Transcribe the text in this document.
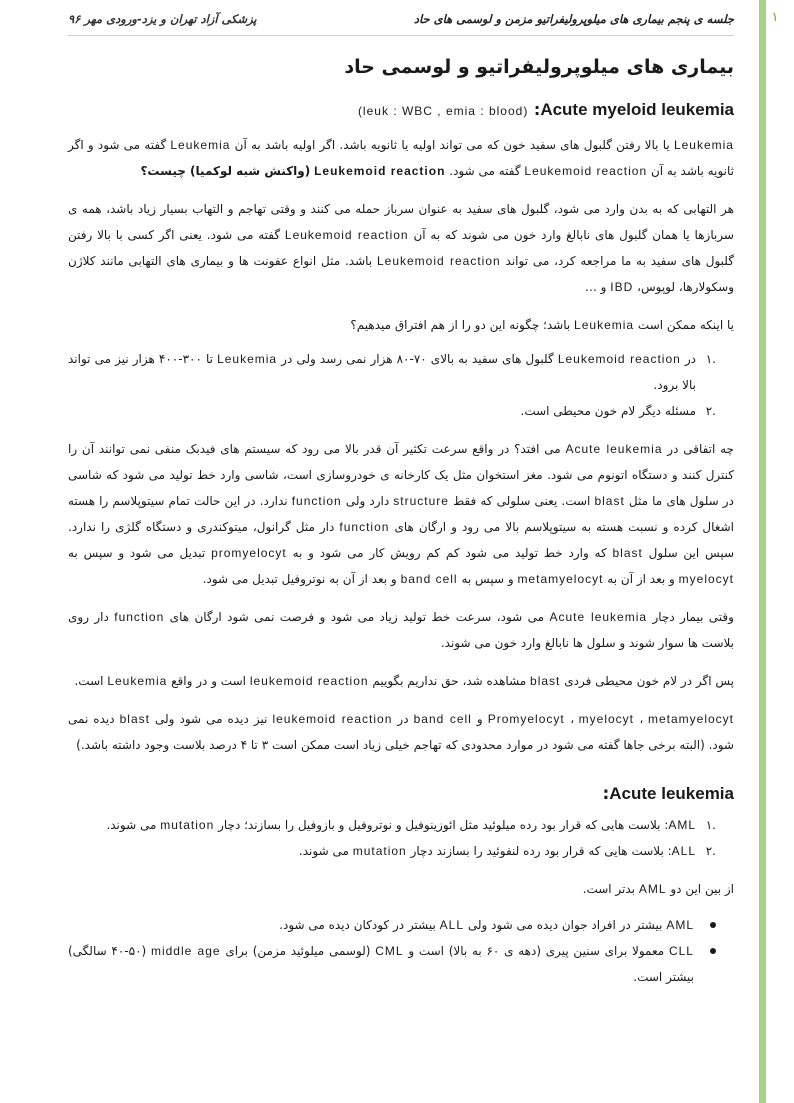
۱
جلسه ی پنجم بیماری های میلوپرولیفراتیو مزمن و لوسمی های حاد
پزشکی آزاد تهران و یزد-ورودی مهر ۹۶
بیماری های میلوپرولیفراتیو و لوسمی حاد
Acute myeloid leukemia: (leuk : WBC , emia : blood)

Leukemia یا بالا رفتن گلبول های سفید خون که می تواند اولیه یا ثانویه باشد. اگر اولیه باشد به آن Leukemia گفته می شود و اگر ثانویه باشد به آن Leukemoid reaction گفته می شود. Leukemoid reaction (واکنش شبه لوکمیا) چیست؟

هر التهابی که به بدن وارد می شود، گلبول های سفید به عنوان سرباز حمله می کنند و وقتی تهاجم و التهاب بسیار زیاد باشد، همه ی سربازها یا همان گلبول های نابالغ وارد خون می شوند که به آن Leukemoid reaction گفته می شود. یعنی اگر کسی با بالا رفتن گلبول های سفید به ما مراجعه کرد، می تواند Leukemoid reaction باشد. مثل انواع عفونت ها و بیماری های التهابی مانند کلاژن وسکولارها، لوپوس، IBD و …

یا اینکه ممکن است Leukemia باشد؛ چگونه این دو را از هم افتراق میدهیم؟

.۱
در Leukemoid reaction گلبول های سفید به بالای ۷۰-۸۰ هزار نمی رسد ولی در Leukemia تا ۳۰۰-۴۰۰ هزار نیز می تواند بالا برود.
.۲
مسئله دیگر لام خون محیطی است.

چه اتفاقی در Acute leukemia می افتد؟ در واقع سرعت تکثیر آن قدر بالا می رود که سیستم های فیدبک منفی نمی توانند آن را کنترل کنند و دستگاه اتونوم می شود. مغز استخوان مثل یک کارخانه ی خودروسازی است، شاسی وارد خط تولید می شود که شاسی در سلول های ما مثل blast است. یعنی سلولی که فقط structure دارد ولی function ندارد. در این حالت تمام سیتوپلاسم را هسته اشغال کرده و نسبت هسته به سیتوپلاسم بالا می رود و ارگان های function دار مثل گرانول، میتوکندری و دستگاه گلژی را ندارد. سپس این سلول blast که وارد خط تولید می شود کم کم رویش کار می شود و به promyelocyt تبدیل می شود و سپس به myelocyt و بعد از آن به metamyelocyt و سپس به band cell و بعد از آن به نوتروفیل تبدیل می شود.

وقتی بیمار دچار Acute leukemia می شود، سرعت خط تولید زیاد می شود و فرصت نمی شود ارگان های function دار روی بلاست ها سوار شوند و سلول ها نابالغ وارد خون می شوند.

پس اگر در لام خون محیطی فردی blast مشاهده شد، حق نداریم بگوییم leukemoid reaction است و در واقع Leukemia است.

Promyelocyt ، myelocyt ، metamyelocyt و band cell در leukemoid reaction نیز دیده می شود ولی blast دیده نمی شود. (البته برخی جاها گفته می شود در موارد محدودی که تهاجم خیلی زیاد است ممکن است ۳ تا ۴ درصد بلاست وجود داشته باشد.)

Acute leukemia:
.۱
AML: بلاست هایی که قرار بود رده میلوئید مثل ائوزینوفیل و نوتروفیل و بازوفیل را بسازند؛ دچار mutation می شوند.
.۲
ALL: بلاست هایی که قرار بود رده لنفوئید را بسازند دچار mutation می شوند.

از بین این دو AML بدتر است.

AML بیشتر در افراد جوان دیده می شود ولی ALL بیشتر در کودکان دیده می شود.
CLL معمولا برای سنین پیری (دهه ی ۶۰ به بالا) است و CML (لوسمی میلوئید مزمن) برای middle age (۵۰-۴۰ سالگی) بیشتر است.
